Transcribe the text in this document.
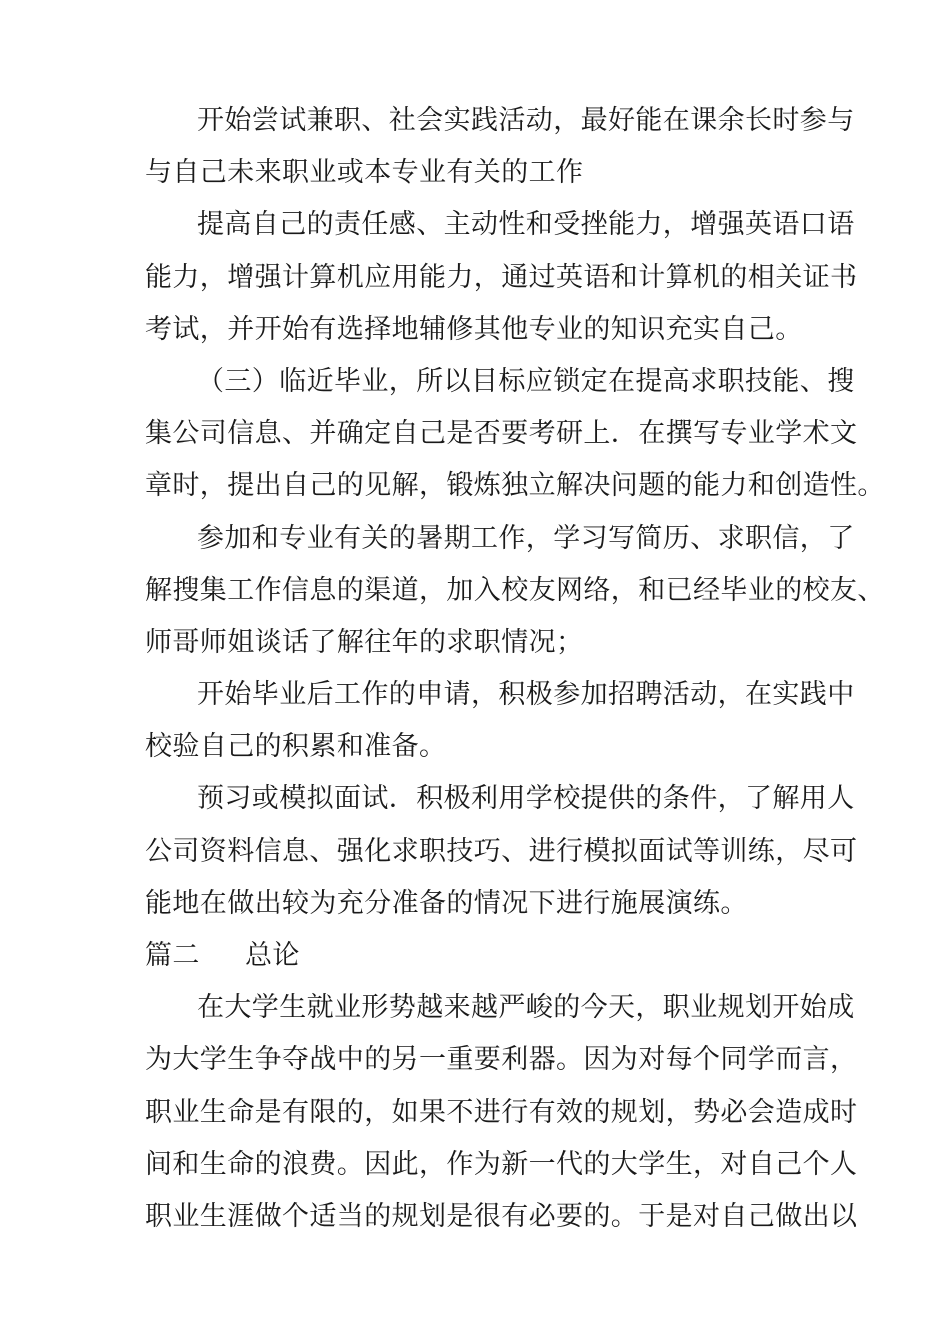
开始尝试兼职、社会实践活动，最好能在课余长时参与
与自己未来职业或本专业有关的工作
提高自己的责任感、主动性和受挫能力，增强英语口语
能力，增强计算机应用能力，通过英语和计算机的相关证书
考试，并开始有选择地辅修其他专业的知识充实自己。
（三）临近毕业，所以目标应锁定在提高求职技能、搜
集公司信息、并确定自己是否要考研上．在撰写专业学术文
章时，提出自己的见解，锻炼独立解决问题的能力和创造性。
参加和专业有关的暑期工作，学习写简历、求职信，了
解搜集工作信息的渠道，加入校友网络，和已经毕业的校友、
师哥师姐谈话了解往年的求职情况；
开始毕业后工作的申请，积极参加招聘活动，在实践中
校验自己的积累和准备。
预习或模拟面试．积极利用学校提供的条件，了解用人
公司资料信息、强化求职技巧、进行模拟面试等训练，尽可
能地在做出较为充分准备的情况下进行施展演练。
篇二	总论
在大学生就业形势越来越严峻的今天，职业规划开始成
为大学生争夺战中的另一重要利器。因为对每个同学而言，
职业生命是有限的，如果不进行有效的规划，势必会造成时
间和生命的浪费。因此，作为新一代的大学生，对自己个人
职业生涯做个适当的规划是很有必要的。于是对自己做出以
